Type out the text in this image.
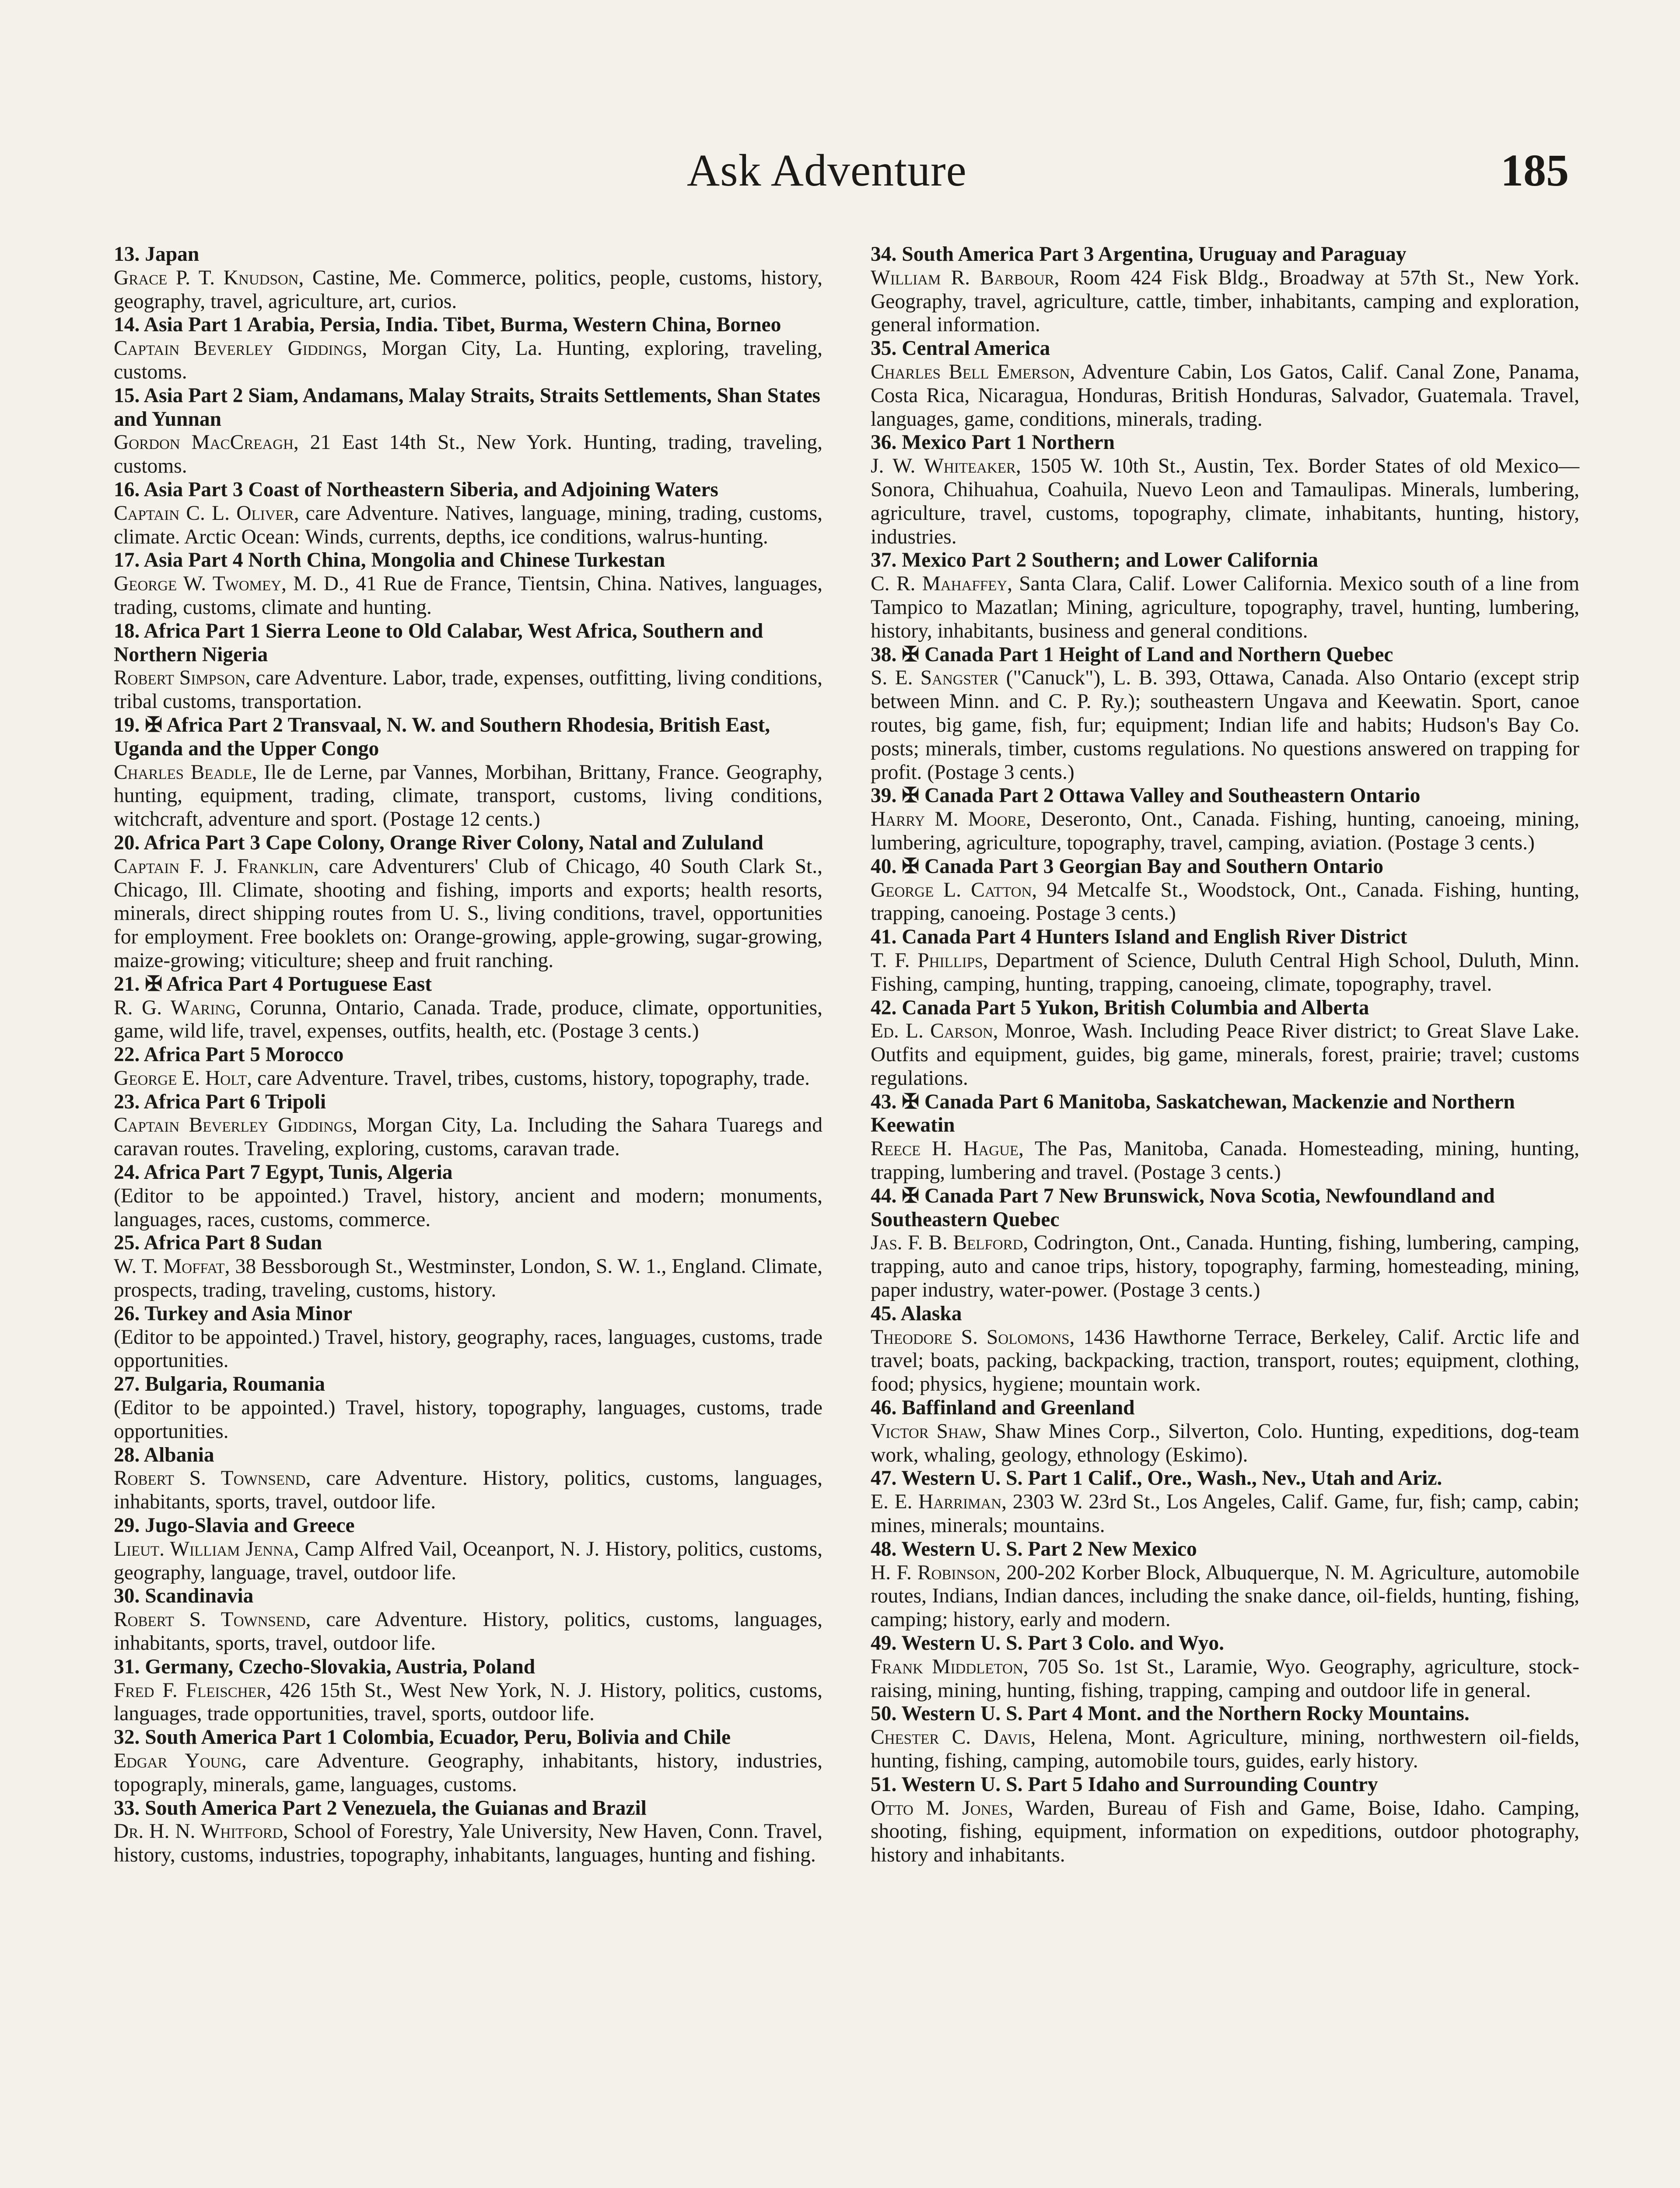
Ask Adventure	185
13. Japan
Grace P. T. Knudson, Castine, Me. Commerce, politics, people, customs, history, geography, travel, agriculture, art, curios.
14. Asia Part 1 Arabia, Persia, India. Tibet, Burma, Western China, Borneo
Captain Beverley Giddings, Morgan City, La. Hunting, exploring, traveling, customs.
15. Asia Part 2 Siam, Andamans, Malay Straits, Straits Settlements, Shan States and Yunnan
Gordon MacCreagh, 21 East 14th St., New York. Hunting, trading, traveling, customs.
16. Asia Part 3 Coast of Northeastern Siberia, and Adjoining Waters
Captain C. L. Oliver, care Adventure. Natives, language, mining, trading, customs, climate. Arctic Ocean: Winds, currents, depths, ice conditions, walrus-hunting.
17. Asia Part 4 North China, Mongolia and Chinese Turkestan
George W. Twomey, M. D., 41 Rue de France, Tientsin, China. Natives, languages, trading, customs, climate and hunting.
18. Africa Part 1 Sierra Leone to Old Calabar, West Africa, Southern and Northern Nigeria
Robert Simpson, care Adventure. Labor, trade, expenses, outfitting, living conditions, tribal customs, transportation.
19. ✠ Africa Part 2 Transvaal, N. W. and Southern Rhodesia, British East, Uganda and the Upper Congo
Charles Beadle, Ile de Lerne, par Vannes, Morbihan, Brittany, France. Geography, hunting, equipment, trading, climate, transport, customs, living conditions, witchcraft, adventure and sport. (Postage 12 cents.)
20. Africa Part 3 Cape Colony, Orange River Colony, Natal and Zululand
Captain F. J. Franklin, care Adventurers' Club of Chicago, 40 South Clark St., Chicago, Ill. Climate, shooting and fishing, imports and exports; health resorts, minerals, direct shipping routes from U. S., living conditions, travel, opportunities for employment. Free booklets on: Orange-growing, apple-growing, sugar-growing, maize-growing; viticulture; sheep and fruit ranching.
21. ✠ Africa Part 4 Portuguese East
R. G. Waring, Corunna, Ontario, Canada. Trade, produce, climate, opportunities, game, wild life, travel, expenses, outfits, health, etc. (Postage 3 cents.)
22. Africa Part 5 Morocco
George E. Holt, care Adventure. Travel, tribes, customs, history, topography, trade.
23. Africa Part 6 Tripoli
Captain Beverley Giddings, Morgan City, La. Including the Sahara Tuaregs and caravan routes. Traveling, exploring, customs, caravan trade.
24. Africa Part 7 Egypt, Tunis, Algeria
(Editor to be appointed.) Travel, history, ancient and modern; monuments, languages, races, customs, commerce.
25. Africa Part 8 Sudan
W. T. Moffat, 38 Bessborough St., Westminster, London, S. W. 1., England. Climate, prospects, trading, traveling, customs, history.
26. Turkey and Asia Minor
(Editor to be appointed.) Travel, history, geography, races, languages, customs, trade opportunities.
27. Bulgaria, Roumania
(Editor to be appointed.) Travel, history, topography, languages, customs, trade opportunities.
28. Albania
Robert S. Townsend, care Adventure. History, politics, customs, languages, inhabitants, sports, travel, outdoor life.
29. Jugo-Slavia and Greece
Lieut. William Jenna, Camp Alfred Vail, Oceanport, N. J. History, politics, customs, geography, language, travel, outdoor life.
30. Scandinavia
Robert S. Townsend, care Adventure. History, politics, customs, languages, inhabitants, sports, travel, outdoor life.
31. Germany, Czecho-Slovakia, Austria, Poland
Fred F. Fleischer, 426 15th St., West New York, N. J. History, politics, customs, languages, trade opportunities, travel, sports, outdoor life.
32. South America Part 1 Colombia, Ecuador, Peru, Bolivia and Chile
Edgar Young, care Adventure. Geography, inhabitants, history, industries, topograply, minerals, game, languages, customs.
33. South America Part 2 Venezuela, the Guianas and Brazil
Dr. H. N. Whitford, School of Forestry, Yale University, New Haven, Conn. Travel, history, customs, industries, topography, inhabitants, languages, hunting and fishing.
34. South America Part 3 Argentina, Uruguay and Paraguay
William R. Barbour, Room 424 Fisk Bldg., Broadway at 57th St., New York. Geography, travel, agriculture, cattle, timber, inhabitants, camping and exploration, general information.
35. Central America
Charles Bell Emerson, Adventure Cabin, Los Gatos, Calif. Canal Zone, Panama, Costa Rica, Nicaragua, Honduras, British Honduras, Salvador, Guatemala. Travel, languages, game, conditions, minerals, trading.
36. Mexico Part 1 Northern
J. W. Whiteaker, 1505 W. 10th St., Austin, Tex. Border States of old Mexico—Sonora, Chihuahua, Coahuila, Nuevo Leon and Tamaulipas. Minerals, lumbering, agriculture, travel, customs, topography, climate, inhabitants, hunting, history, industries.
37. Mexico Part 2 Southern; and Lower California
C. R. Mahaffey, Santa Clara, Calif. Lower California. Mexico south of a line from Tampico to Mazatlan; Mining, agriculture, topography, travel, hunting, lumbering, history, inhabitants, business and general conditions.
38. ✠ Canada Part 1 Height of Land and Northern Quebec
S. E. Sangster ("Canuck"), L. B. 393, Ottawa, Canada. Also Ontario (except strip between Minn. and C. P. Ry.); southeastern Ungava and Keewatin. Sport, canoe routes, big game, fish, fur; equipment; Indian life and habits; Hudson's Bay Co. posts; minerals, timber, customs regulations. No questions answered on trapping for profit. (Postage 3 cents.)
39. ✠ Canada Part 2 Ottawa Valley and Southeastern Ontario
Harry M. Moore, Deseronto, Ont., Canada. Fishing, hunting, canoeing, mining, lumbering, agriculture, topography, travel, camping, aviation. (Postage 3 cents.)
40. ✠ Canada Part 3 Georgian Bay and Southern Ontario
George L. Catton, 94 Metcalfe St., Woodstock, Ont., Canada. Fishing, hunting, trapping, canoeing. Postage 3 cents.)
41. Canada Part 4 Hunters Island and English River District
T. F. Phillips, Department of Science, Duluth Central High School, Duluth, Minn. Fishing, camping, hunting, trapping, canoeing, climate, topography, travel.
42. Canada Part 5 Yukon, British Columbia and Alberta
Ed. L. Carson, Monroe, Wash. Including Peace River district; to Great Slave Lake. Outfits and equipment, guides, big game, minerals, forest, prairie; travel; customs regulations.
43. ✠ Canada Part 6 Manitoba, Saskatchewan, Mackenzie and Northern Keewatin
Reece H. Hague, The Pas, Manitoba, Canada. Homesteading, mining, hunting, trapping, lumbering and travel. (Postage 3 cents.)
44. ✠ Canada Part 7 New Brunswick, Nova Scotia, Newfoundland and Southeastern Quebec
Jas. F. B. Belford, Codrington, Ont., Canada. Hunting, fishing, lumbering, camping, trapping, auto and canoe trips, history, topography, farming, homesteading, mining, paper industry, water-power. (Postage 3 cents.)
45. Alaska
Theodore S. Solomons, 1436 Hawthorne Terrace, Berkeley, Calif. Arctic life and travel; boats, packing, backpacking, traction, transport, routes; equipment, clothing, food; physics, hygiene; mountain work.
46. Baffinland and Greenland
Victor Shaw, Shaw Mines Corp., Silverton, Colo. Hunting, expeditions, dog-team work, whaling, geology, ethnology (Eskimo).
47. Western U. S. Part 1 Calif., Ore., Wash., Nev., Utah and Ariz.
E. E. Harriman, 2303 W. 23rd St., Los Angeles, Calif. Game, fur, fish; camp, cabin; mines, minerals; mountains.
48. Western U. S. Part 2 New Mexico
H. F. Robinson, 200-202 Korber Block, Albuquerque, N. M. Agriculture, automobile routes, Indians, Indian dances, including the snake dance, oil-fields, hunting, fishing, camping; history, early and modern.
49. Western U. S. Part 3 Colo. and Wyo.
Frank Middleton, 705 So. 1st St., Laramie, Wyo. Geography, agriculture, stock-raising, mining, hunting, fishing, trapping, camping and outdoor life in general.
50. Western U. S. Part 4 Mont. and the Northern Rocky Mountains.
Chester C. Davis, Helena, Mont. Agriculture, mining, northwestern oil-fields, hunting, fishing, camping, automobile tours, guides, early history.
51. Western U. S. Part 5 Idaho and Surrounding Country
Otto M. Jones, Warden, Bureau of Fish and Game, Boise, Idaho. Camping, shooting, fishing, equipment, information on expeditions, outdoor photography, history and inhabitants.
